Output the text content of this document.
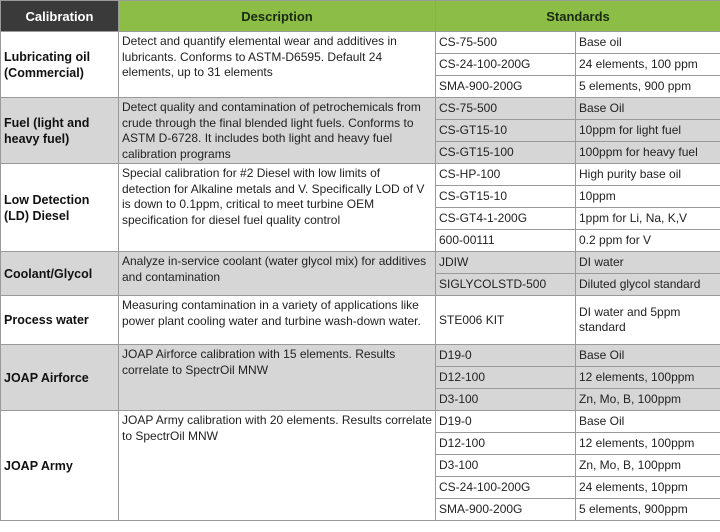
Calibration	Description	Standards	
Lubricating oil (Commercial)	Detect and quantify elemental wear and additives in lubricants. Conforms to ASTM-D6595. Default 24 elements, up to 31 elements	CS-75-500	Base oil
		CS-24-100-200G	24 elements, 100 ppm
		SMA-900-200G	5 elements, 900 ppm
Fuel (light and heavy fuel)	Detect quality and contamination of petrochemicals from crude through the final blended light fuels. Conforms to ASTM D-6728. It includes both light and heavy fuel calibration programs	CS-75-500	Base Oil
		CS-GT15-10	10ppm for light fuel
		CS-GT15-100	100ppm for heavy fuel
Low Detection (LD) Diesel	Special calibration for #2 Diesel with low limits of detection for Alkaline metals and V. Specifically LOD of V is down to 0.1ppm, critical to meet turbine OEM specification for diesel fuel quality control	CS-HP-100	High purity base oil
		CS-GT15-10	10ppm
		CS-GT4-1-200G	1ppm for Li, Na, K,V
		600-00111	0.2 ppm for V
Coolant/Glycol	Analyze in-service coolant (water glycol mix) for additives and contamination	JDIW	DI water
		SIGLYCOLSTD-500	Diluted glycol standard
Process water	Measuring contamination in a variety of applications like power plant cooling water and turbine wash-down water.	STE006 KIT	DI water and 5ppm standard
JOAP Airforce	JOAP Airforce calibration with 15 elements. Results correlate to SpectrOil MNW	D19-0	Base Oil
		D12-100	12 elements, 100ppm
		D3-100	Zn, Mo, B, 100ppm
JOAP Army	JOAP Army calibration with 20 elements. Results correlate to SpectrOil MNW	D19-0	Base Oil
		D12-100	12 elements, 100ppm
		D3-100	Zn, Mo, B, 100ppm
		CS-24-100-200G	24 elements, 10ppm
		SMA-900-200G	5 elements, 900ppm
